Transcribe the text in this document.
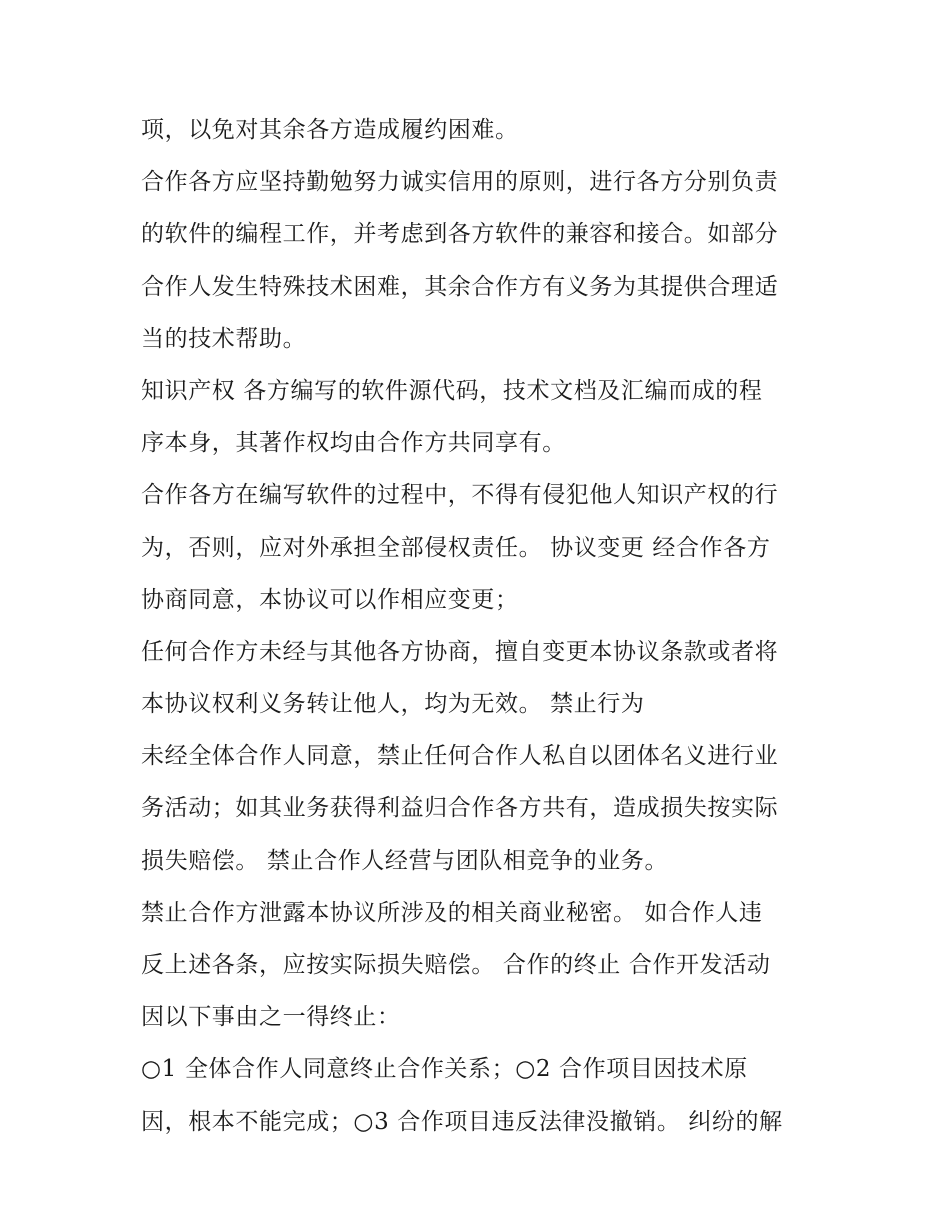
项，以免对其余各方造成履约困难。
合作各方应坚持勤勉努力诚实信用的原则，进行各方分别负责
的软件的编程工作，并考虑到各方软件的兼容和接合。如部分
合作人发生特殊技术困难，其余合作方有义务为其提供合理适
当的技术帮助。
知识产权 各方编写的软件源代码，技术文档及汇编而成的程
序本身，其著作权均由合作方共同享有。
合作各方在编写软件的过程中，不得有侵犯他人知识产权的行
为，否则，应对外承担全部侵权责任。 协议变更 经合作各方
协商同意，本协议可以作相应变更；
任何合作方未经与其他各方协商，擅自变更本协议条款或者将
本协议权利义务转让他人，均为无效。 禁止行为
未经全体合作人同意，禁止任何合作人私自以团体名义进行业
务活动；如其业务获得利益归合作各方共有，造成损失按实际
损失赔偿。 禁止合作人经营与团队相竞争的业务。
禁止合作方泄露本协议所涉及的相关商业秘密。 如合作人违
反上述各条，应按实际损失赔偿。 合作的终止 合作开发活动
因以下事由之一得终止：
○1 全体合作人同意终止合作关系；○2 合作项目因技术原
因，根本不能完成；○3 合作项目违反法律没撤销。 纠纷的解
